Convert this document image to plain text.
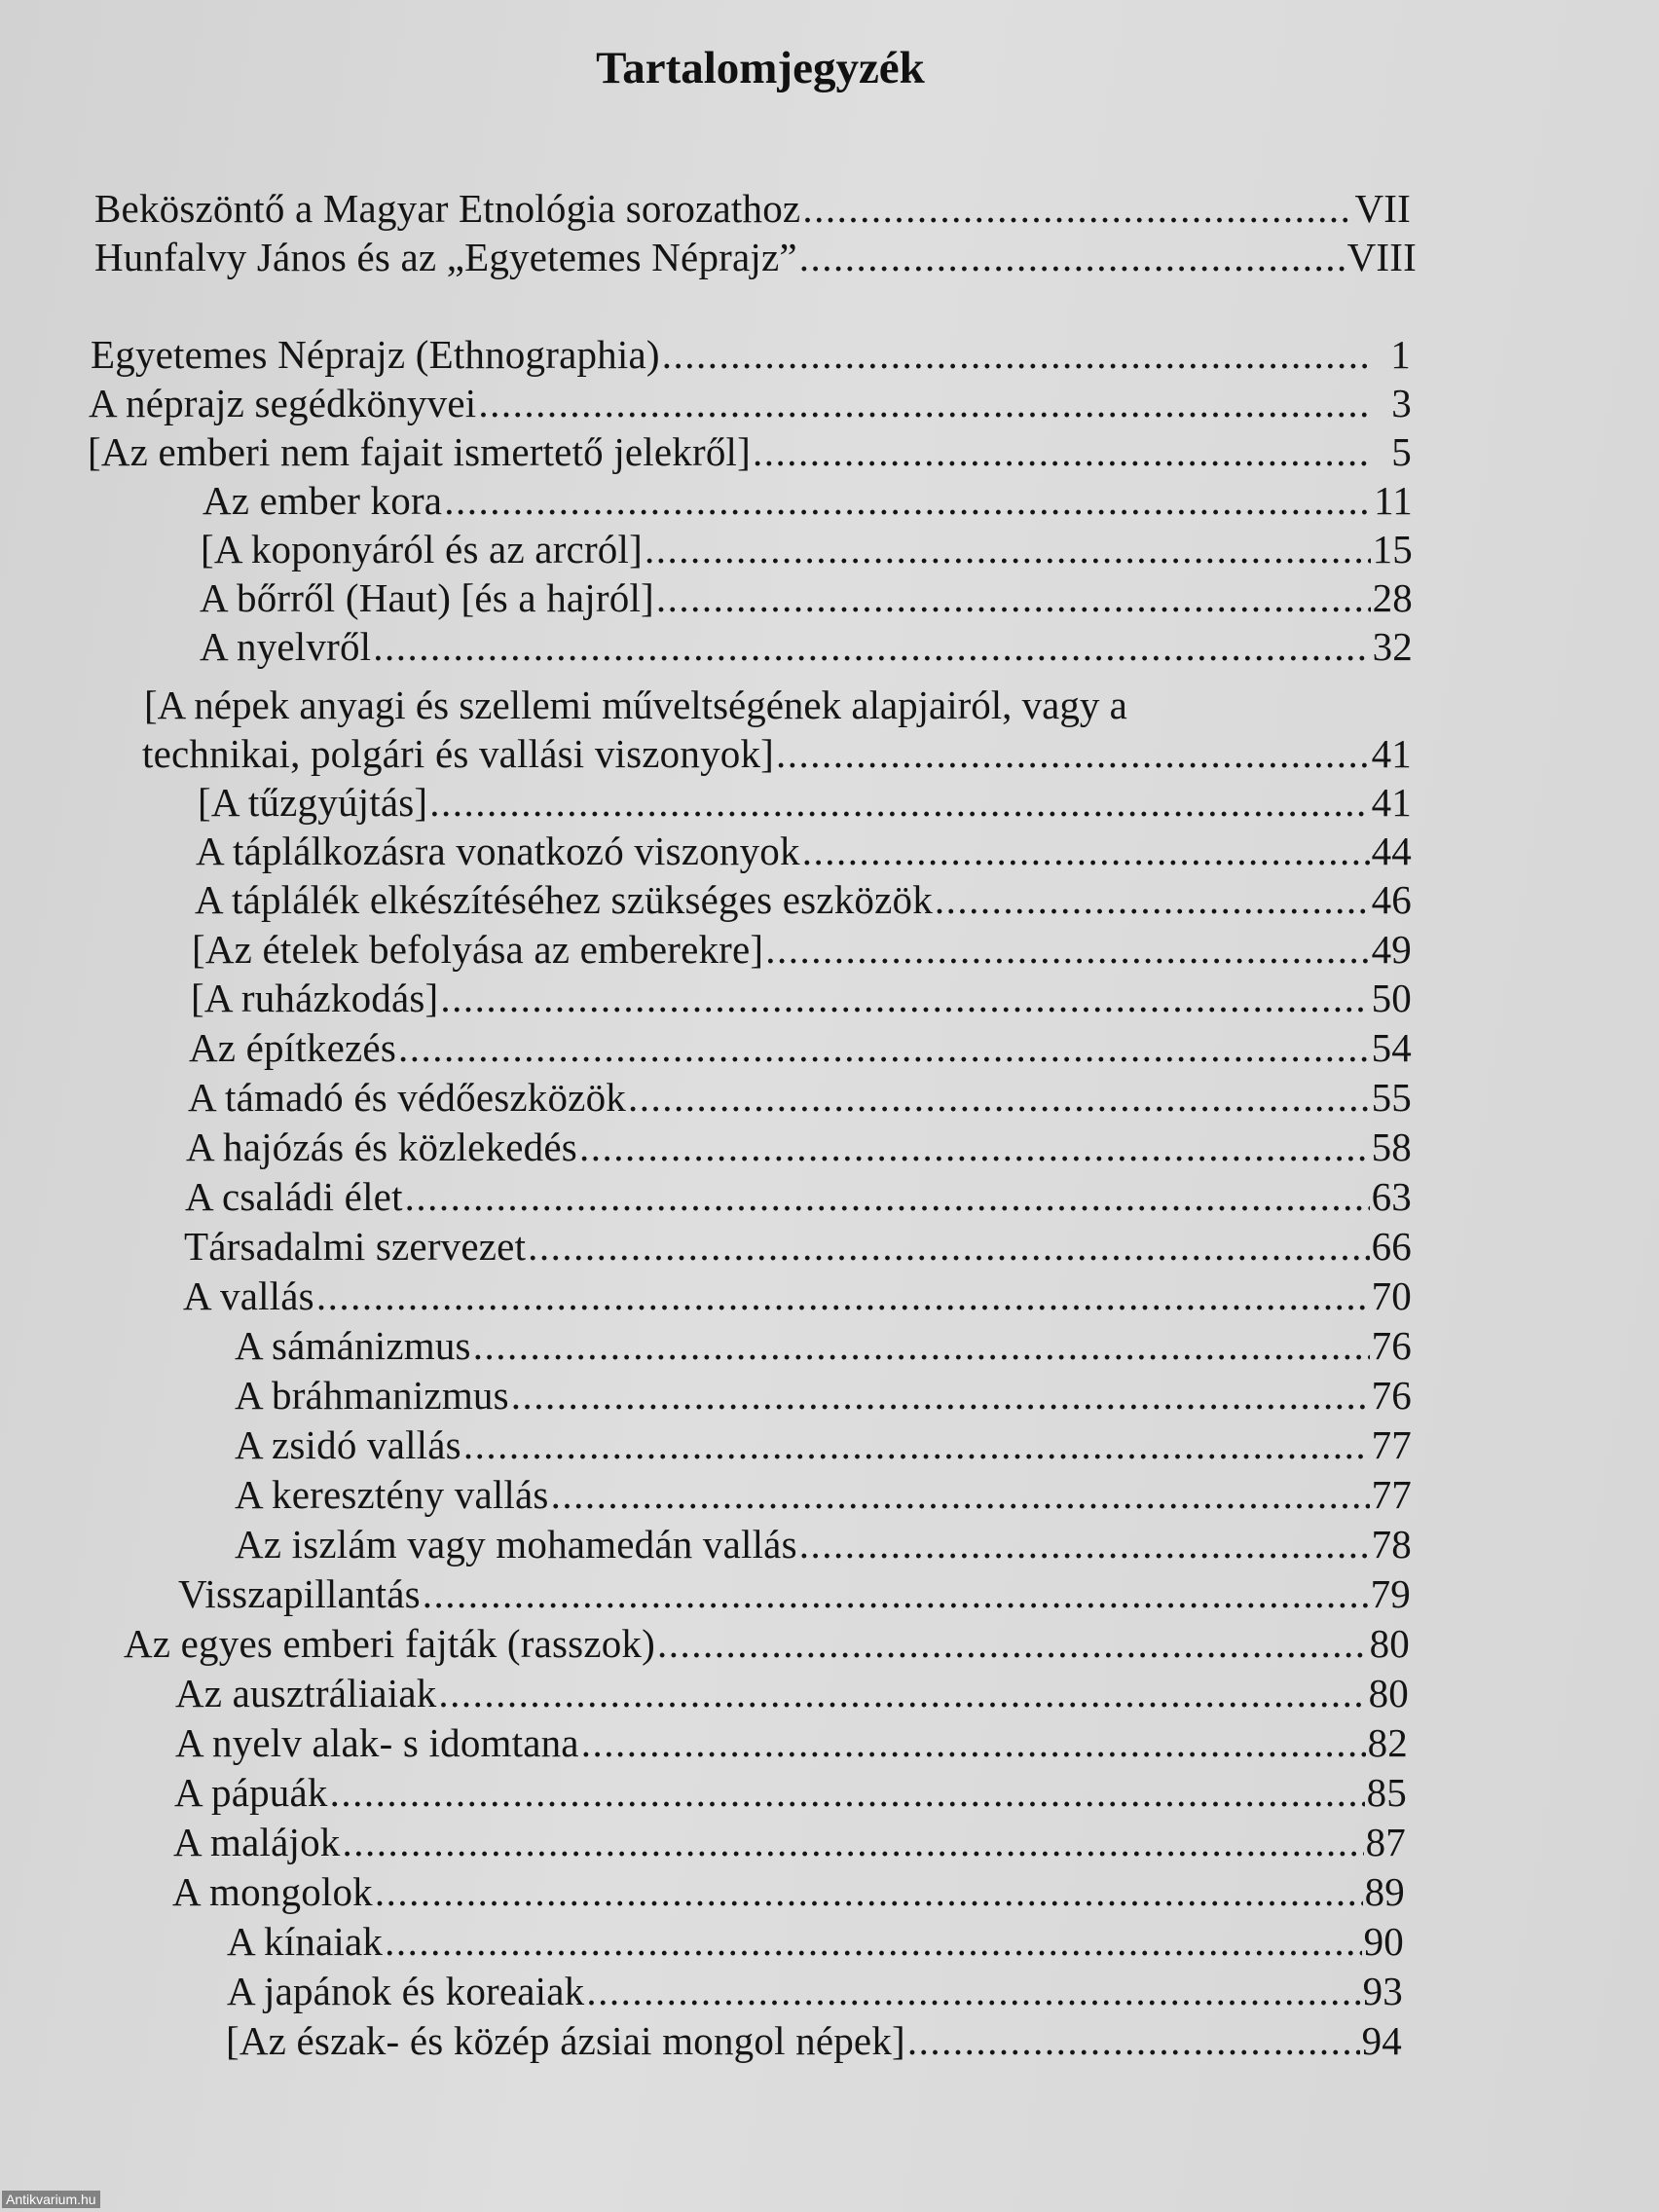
Tartalomjegyzék
Beköszöntő a Magyar Etnológia sorozathoz .....	VII
Hunfalvy János és az „Egyetemes Néprajz” .....	VIII
Egyetemes Néprajz (Ethnographia) .....	1
A néprajz segédkönyvei .....	3
[Az emberi nem fajait ismertető jelekről] .....	5
Az ember kora .....	11
[A koponyáról és az arcról] .....	15
A bőrről (Haut) [és a hajról] .....	28
A nyelvről .....	32
[A népek anyagi és szellemi műveltségének alapjairól, vagy a
technikai, polgári és vallási viszonyok] .....	41
[A tűzgyújtás] .....	41
A táplálkozásra vonatkozó viszonyok .....	44
A táplálék elkészítéséhez szükséges eszközök .....	46
[Az ételek befolyása az emberekre] .....	49
[A ruházkodás] .....	50
Az építkezés .....	54
A támadó és védőeszközök .....	55
A hajózás és közlekedés .....	58
A családi élet .....	63
Társadalmi szervezet .....	66
A vallás .....	70
A sámánizmus .....	76
A bráhmanizmus .....	76
A zsidó vallás .....	77
A keresztény vallás .....	77
Az iszlám vagy mohamedán vallás .....	78
Visszapillantás .....	79
Az egyes emberi fajták (rasszok) .....	80
Az ausztráliaiak .....	80
A nyelv alak- s idomtana .....	82
A pápuák .....	85
A malájok .....	87
A mongolok .....	89
A kínaiak .....	90
A japánok és koreaiak .....	93
[Az észak- és közép ázsiai mongol népek] .....	94
Antikvarium.hu
